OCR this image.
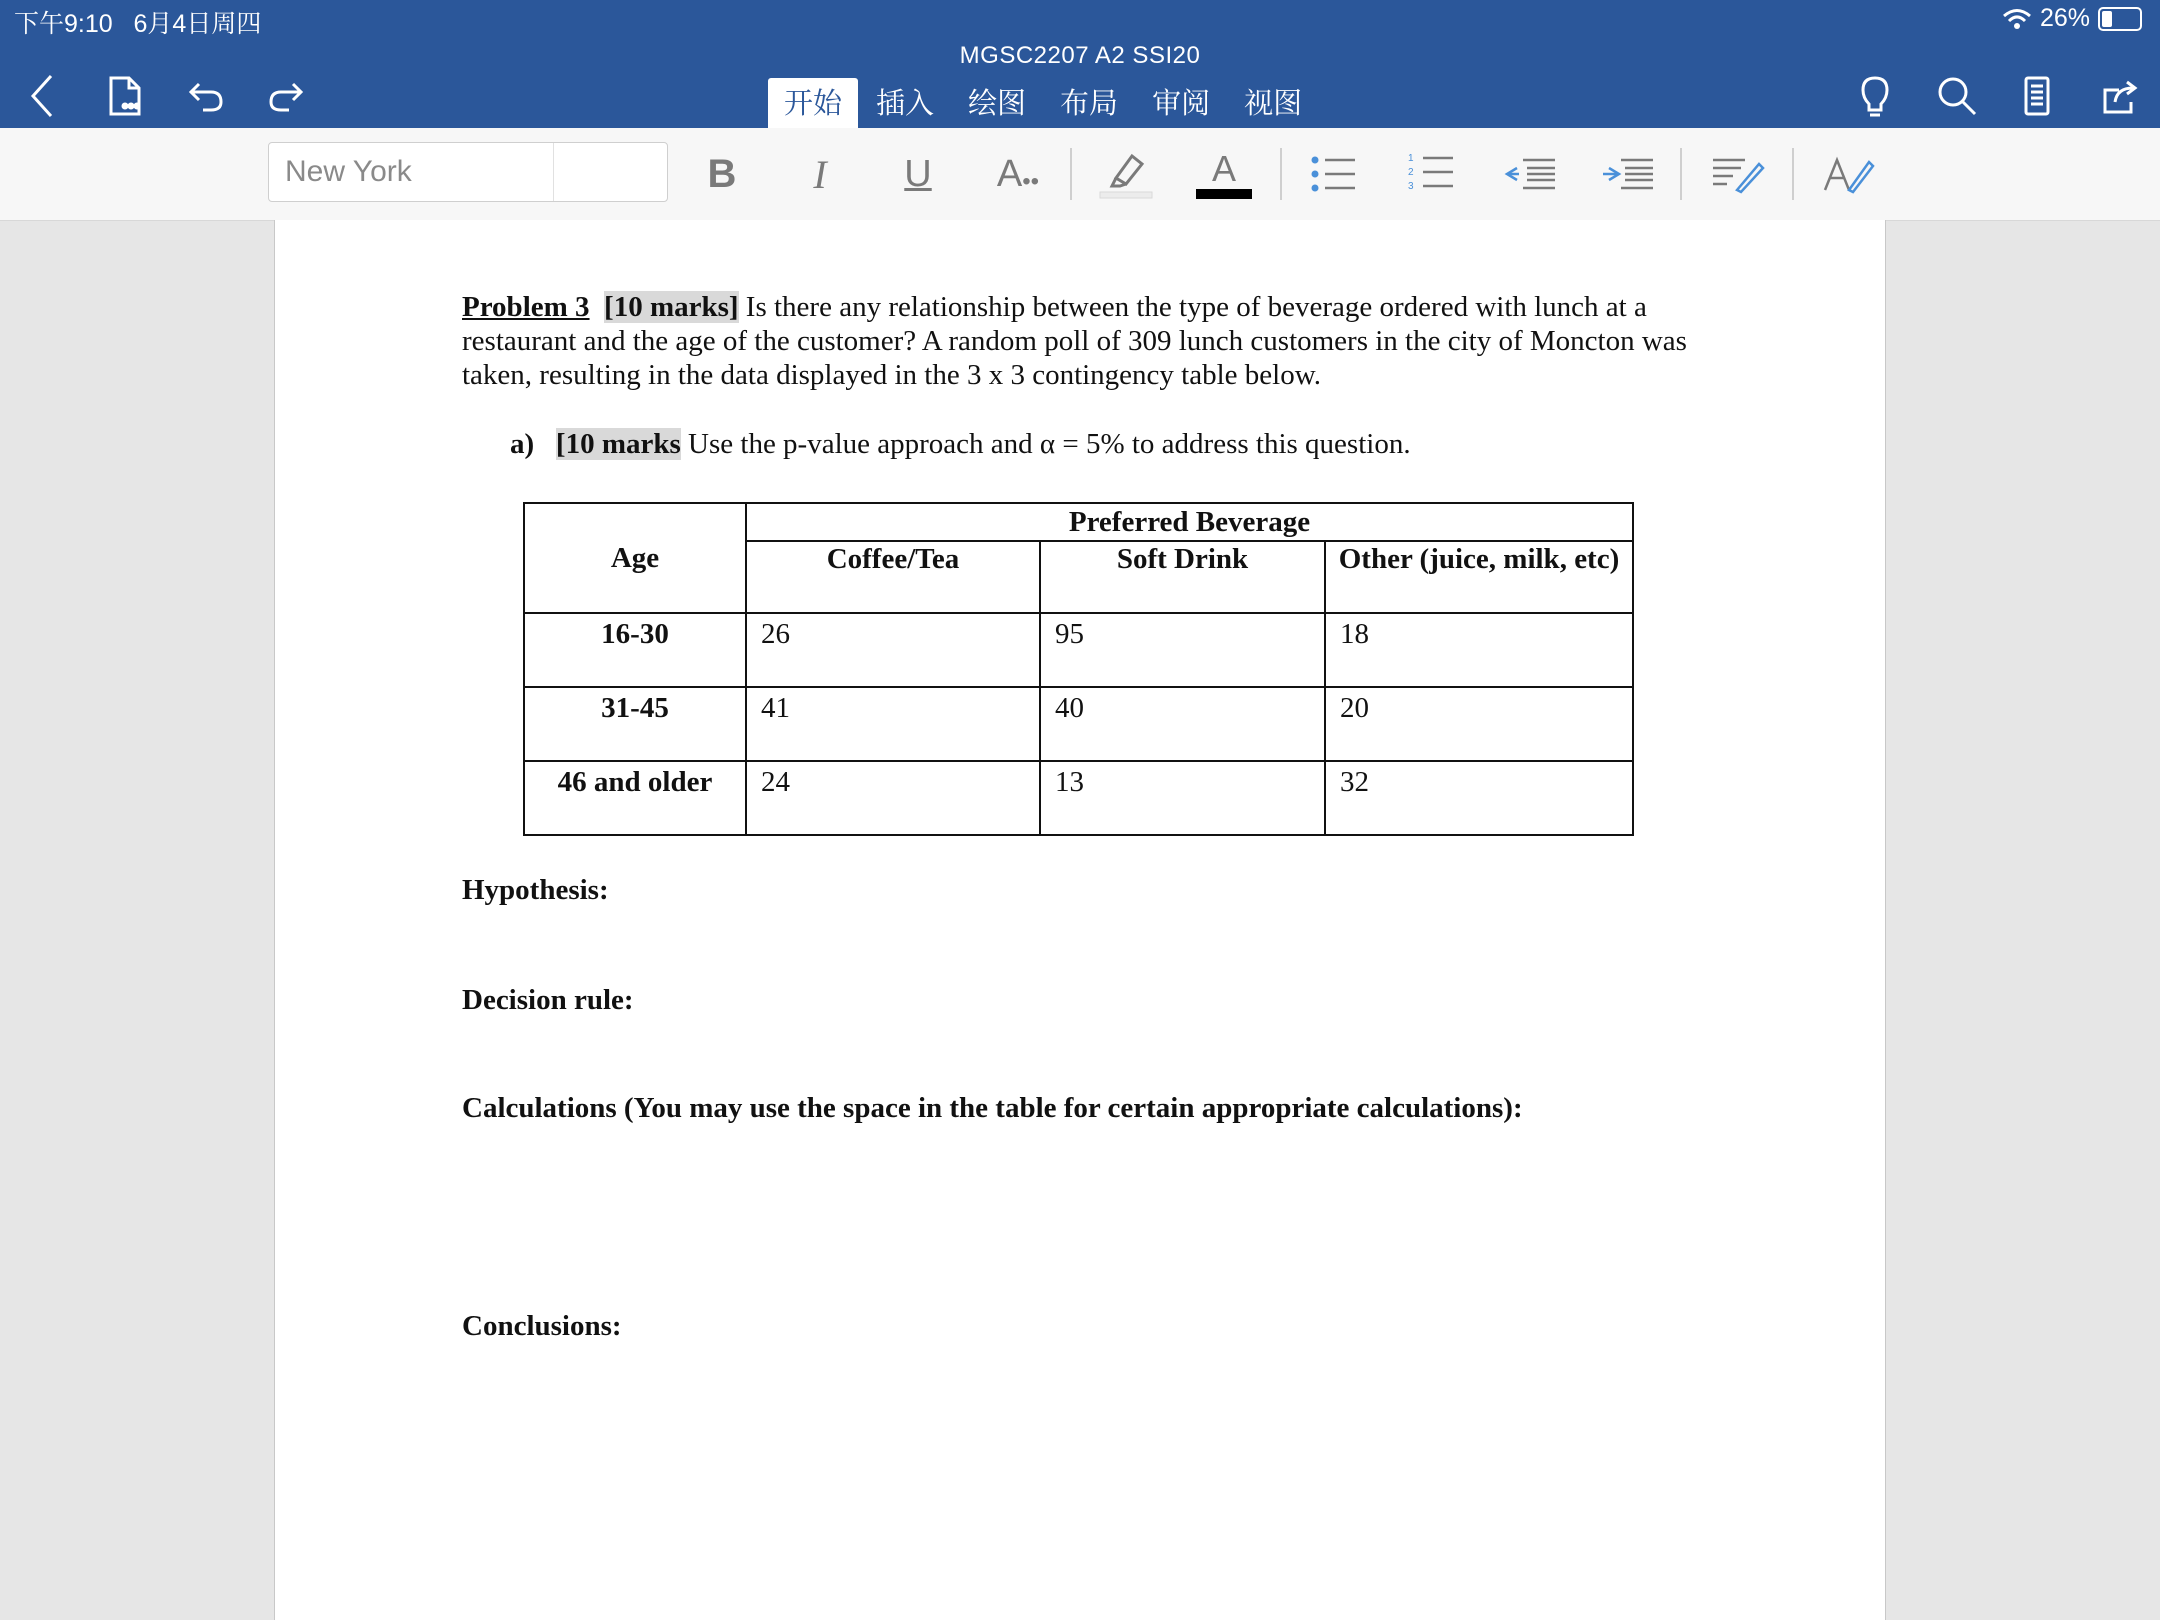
下午9:10 6月4日周四	26%
MGSC2207 A2 SSI20
开始	插入	绘图	布局	审阅	视图
New York	B I U A ••	A	1
2
3

Problem 3 [10 marks] Is there any relationship between the type of beverage ordered with lunch at a restaurant and the age of the customer? A random poll of 309 lunch customers in the city of Moncton was taken, resulting in the data displayed in the 3 x 3 contingency table below.

a) [10 marks Use the p-value approach and α = 5% to address this question.
Age	Preferred Beverage		
	Coffee/Tea	Soft Drink	Other (juice, milk, etc)
16-30	26	95	18
31-45	41	40	20
46 and older	24	13	32
Hypothesis:
Decision rule:
Calculations (You may use the space in the table for certain appropriate calculations):
Conclusions:
